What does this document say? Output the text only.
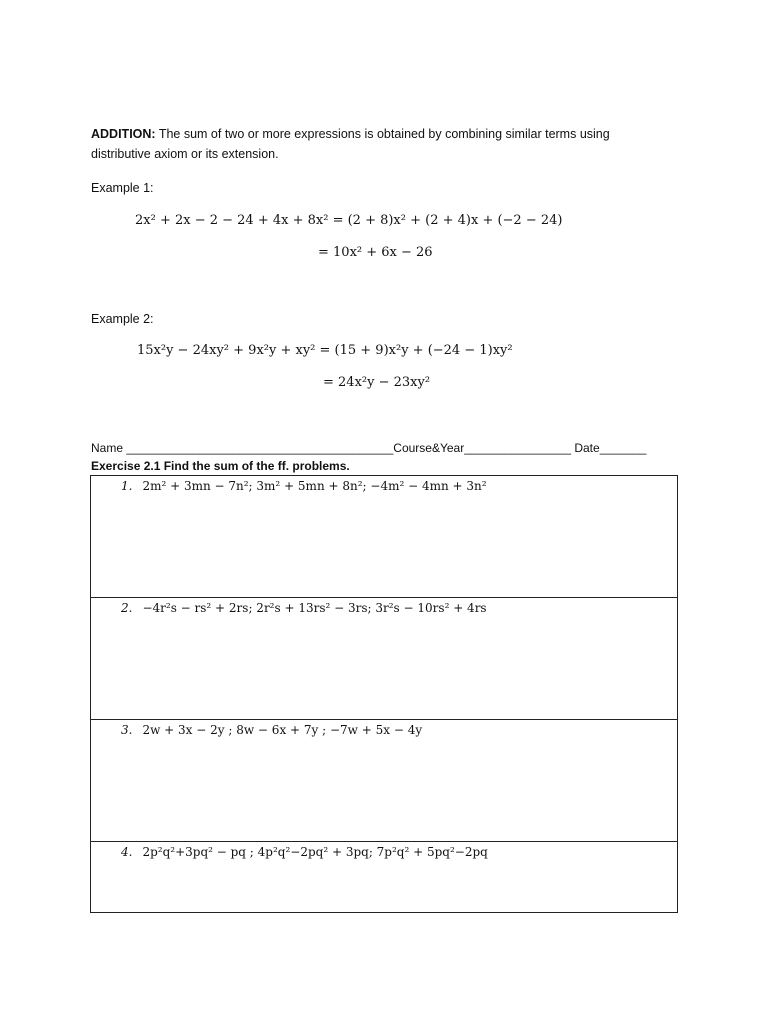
ADDITION: The sum of two or more expressions is obtained by combining similar terms using
distributive axiom or its extension.
Example 1:
2x² + 2x − 2 − 24 + 4x + 8x² = (2 + 8)x² + (2 + 4)x + (−2 − 24)
= 10x² + 6x − 26
Example 2:
15x²y − 24xy² + 9x²y + xy² = (15 + 9)x²y + (−24 − 1)xy²
= 24x²y − 23xy²
Name ________________________________________Course&Year________________ Date_______
Exercise 2.1 Find the sum of the ff. problems.
1. 2m² + 3mn − 7n²; 3m² + 5mn + 8n²; −4m² − 4mn + 3n²
2. −4r²s − rs² + 2rs; 2r²s + 13rs² − 3rs; 3r²s − 10rs² + 4rs
3. 2w + 3x − 2y ; 8w − 6x + 7y ; −7w + 5x − 4y
4. 2p²q²+3pq² − pq ; 4p²q²−2pq² + 3pq; 7p²q² + 5pq²−2pq
